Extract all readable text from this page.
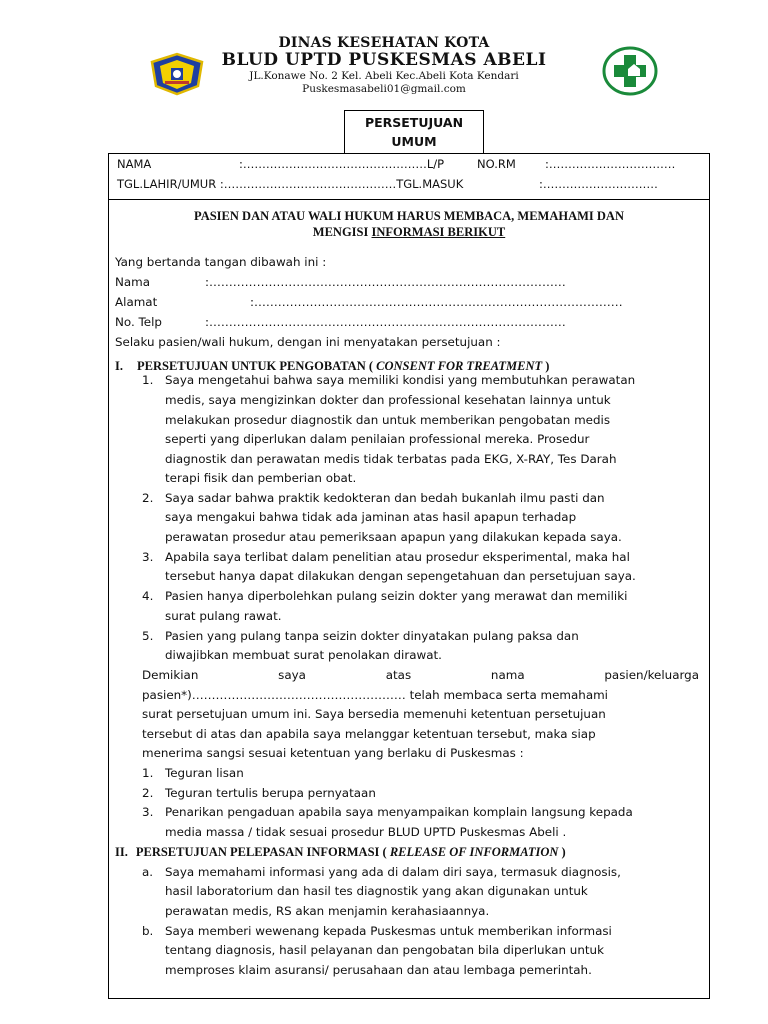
DINAS KESEHATAN KOTA
BLUD UPTD PUSKESMAS ABELI
JL.Konawe No. 2 Kel. Abeli Kec.Abeli Kota Kendari
Puskesmasabeli01@gmail.com
PERSETUJUAN
UMUM
NAMA	:…………………………………………L/P	NO.RM	:……………………………
TGL.LAHIR/UMUR :………………………………………TGL.MASUK	:…………………………
PASIEN DAN ATAU WALI HUKUM HARUS MEMBACA, MEMAHAMI DAN
MENGISI INFORMASI BERIKUT
Yang bertanda tangan dibawah ini :
Nama	:………………………………………………………………………………
Alamat	:…………………………………………………………………………………
No. Telp	:………………………………………………………………………………
Selaku pasien/wali hukum, dengan ini menyatakan persetujuan :
I. PERSETUJUAN UNTUK PENGOBATAN ( CONSENT FOR TREATMENT )
1. Saya mengetahui bahwa saya memiliki kondisi yang membutuhkan perawatan
medis, saya mengizinkan dokter dan professional kesehatan lainnya untuk
melakukan prosedur diagnostik dan untuk memberikan pengobatan medis
seperti yang diperlukan dalam penilaian professional mereka. Prosedur
diagnostik dan perawatan medis tidak terbatas pada EKG, X-RAY, Tes Darah
terapi fisik dan pemberian obat.
2. Saya sadar bahwa praktik kedokteran dan bedah bukanlah ilmu pasti dan
saya mengakui bahwa tidak ada jaminan atas hasil apapun terhadap
perawatan prosedur atau pemeriksaan apapun yang dilakukan kepada saya.
3. Apabila saya terlibat dalam penelitian atau prosedur eksperimental, maka hal
tersebut hanya dapat dilakukan dengan sepengetahuan dan persetujuan saya.
4. Pasien hanya diperbolehkan pulang seizin dokter yang merawat dan memiliki
surat pulang rawat.
5. Pasien yang pulang tanpa seizin dokter dinyatakan pulang paksa dan
diwajibkan membuat surat penolakan dirawat.
Demikian saya atas nama pasien/keluarga
pasien*)……………………………………………… telah membaca serta memahami
surat persetujuan umum ini. Saya bersedia memenuhi ketentuan persetujuan
tersebut di atas dan apabila saya melanggar ketentuan tersebut, maka siap
menerima sangsi sesuai ketentuan yang berlaku di Puskesmas :
1. Teguran lisan
2. Teguran tertulis berupa pernyataan
3. Penarikan pengaduan apabila saya menyampaikan komplain langsung kepada
media massa / tidak sesuai prosedur BLUD UPTD Puskesmas Abeli .
II. PERSETUJUAN PELEPASAN INFORMASI ( RELEASE OF INFORMATION )
a. Saya memahami informasi yang ada di dalam diri saya, termasuk diagnosis,
hasil laboratorium dan hasil tes diagnostik yang akan digunakan untuk
perawatan medis, RS akan menjamin kerahasiaannya.
b. Saya memberi wewenang kepada Puskesmas untuk memberikan informasi
tentang diagnosis, hasil pelayanan dan pengobatan bila diperlukan untuk
memproses klaim asuransi/ perusahaan dan atau lembaga pemerintah.
